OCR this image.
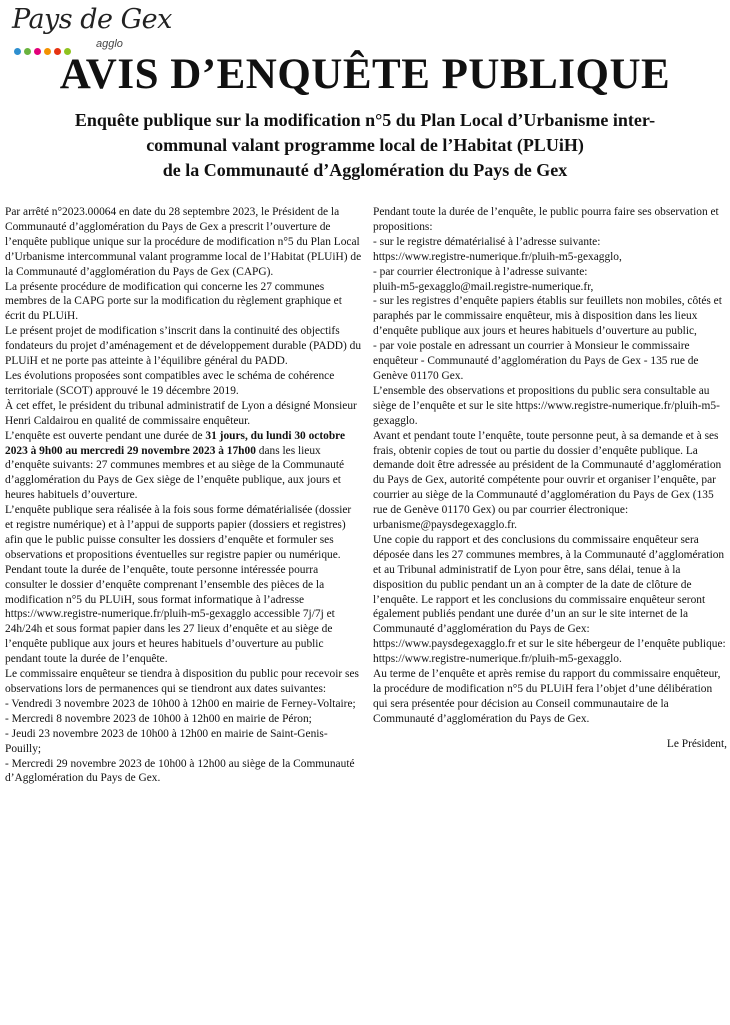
Pays de Gex
agglo
AVIS D’ENQUÊTE PUBLIQUE
Enquête publique sur la modification n°5 du Plan Local d’Urbanisme inter-
communal valant programme local de l’Habitat (PLUiH)
de la Communauté d’Agglomération du Pays de Gex

Par arrêté n°2023.00064 en date du 28 septembre 2023, le Président de la Communauté d’agglomération du Pays de Gex a prescrit l’ouverture de l’enquête publique unique sur la procédure de modification n°5 du Plan Local d’Urbanisme intercommunal valant programme local de l’Habitat (PLUiH) de la Communauté d’agglomération du Pays de Gex (CAPG).

La présente procédure de modification qui concerne les 27 communes membres de la CAPG porte sur la modification du règlement graphique et écrit du PLUiH.

Le présent projet de modification s’inscrit dans la continuité des objectifs fondateurs du projet d’aménagement et de développement durable (PADD) du PLUiH et ne porte pas atteinte à l’équilibre général du PADD.

Les évolutions proposées sont compatibles avec le schéma de cohérence territoriale (SCOT) approuvé le 19 décembre 2019.

À cet effet, le président du tribunal administratif de Lyon a désigné Monsieur Henri Caldairou en qualité de commissaire enquêteur.

L’enquête est ouverte pendant une durée de 31 jours, du lundi 30 octobre 2023 à 9h00 au mercredi 29 novembre 2023 à 17h00 dans les lieux d’enquête suivants: 27 communes membres et au siège de la Communauté d’agglomération du Pays de Gex siège de l’enquête publique, aux jours et heures habituels d’ouverture.

L’enquête publique sera réalisée à la fois sous forme dématérialisée (dossier et registre numérique) et à l’appui de supports papier (dossiers et registres) afin que le public puisse consulter les dossiers d’enquête et formuler ses observations et propositions éventuelles sur registre papier ou numérique.

Pendant toute la durée de l’enquête, toute personne intéressée pourra consulter le dossier d’enquête comprenant l’ensemble des pièces de la modification n°5 du PLUiH, sous format informatique à l’adresse https://www.registre-numerique.fr/pluih-m5-gexagglo accessible 7j/7j et 24h/24h et sous format papier dans les 27 lieux d’enquête et au siège de l’enquête publique aux jours et heures habituels d’ouverture au public pendant toute la durée de l’enquête.

Le commissaire enquêteur se tiendra à disposition du public pour recevoir ses observations lors de permanences qui se tiendront aux dates suivantes:

- Vendredi 3 novembre 2023 de 10h00 à 12h00 en mairie de Ferney-Voltaire;

- Mercredi 8 novembre 2023 de 10h00 à 12h00 en mairie de Péron;

- Jeudi 23 novembre 2023 de 10h00 à 12h00 en mairie de Saint-Genis-Pouilly;

- Mercredi 29 novembre 2023 de 10h00 à 12h00 au siège de la Communauté d’Agglomération du Pays de Gex.

Pendant toute la durée de l’enquête, le public pourra faire ses observation et propositions:

- sur le registre dématérialisé à l’adresse suivante:

https://www.registre-numerique.fr/pluih-m5-gexagglo,

- par courrier électronique à l’adresse suivante:

pluih-m5-gexagglo@mail.registre-numerique.fr,

- sur les registres d’enquête papiers établis sur feuillets non mobiles, côtés et paraphés par le commissaire enquêteur, mis à disposition dans les lieux d’enquête publique aux jours et heures habituels d’ouverture au public,

- par voie postale en adressant un courrier à Monsieur le commissaire enquêteur - Communauté d’agglomération du Pays de Gex - 135 rue de Genève 01170 Gex.

L’ensemble des observations et propositions du public sera consultable au siège de l’enquête et sur le site https://www.registre-numerique.fr/pluih-m5-gexagglo.

Avant et pendant toute l’enquête, toute personne peut, à sa demande et à ses frais, obtenir copies de tout ou partie du dossier d’enquête publique. La demande doit être adressée au président de la Communauté d’agglomération du Pays de Gex, autorité compétente pour ouvrir et organiser l’enquête, par courrier au siège de la Communauté d’agglomération du Pays de Gex (135 rue de Genève 01170 Gex) ou par courrier électronique: urbanisme@paysdegexagglo.fr.

Une copie du rapport et des conclusions du commissaire enquêteur sera déposée dans les 27 communes membres, à la Communauté d’agglomération et au Tribunal administratif de Lyon pour être, sans délai, tenue à la disposition du public pendant un an à compter de la date de clôture de l’enquête. Le rapport et les conclusions du commissaire enquêteur seront également publiés pendant une durée d’un an sur le site internet de la Communauté d’agglomération du Pays de Gex: https://www.paysdegexagglo.fr et sur le site hébergeur de l’enquête publique: https://www.registre-numerique.fr/pluih-m5-gexagglo.

Au terme de l’enquête et après remise du rapport du commissaire enquêteur, la procédure de modification n°5 du PLUiH fera l’objet d’une délibération qui sera présentée pour décision au Conseil communautaire de la Communauté d’agglomération du Pays de Gex.

Le Président,
